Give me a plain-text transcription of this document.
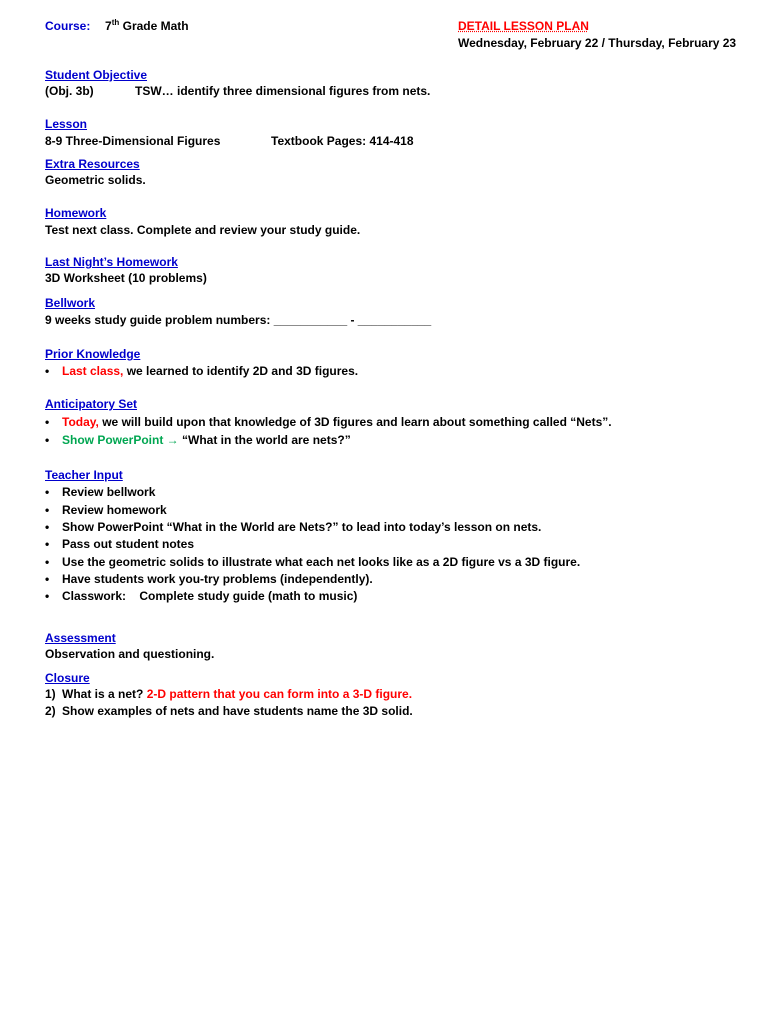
Course: 7th Grade Math	DETAIL LESSON PLAN
Wednesday, February 22 / Thursday, February 23
Student Objective
(Obj. 3b)	TSW… identify three dimensional figures from nets.
Lesson
8-9 Three-Dimensional Figures	Textbook Pages: 414-418
Extra Resources
Geometric solids.
Homework
Test next class. Complete and review your study guide.
Last Night’s Homework
3D Worksheet (10 problems)
Bellwork
9 weeks study guide problem numbers: ___________ - ___________
Prior Knowledge
•	Last class, we learned to identify 2D and 3D figures.
Anticipatory Set
•	Today, we will build upon that knowledge of 3D figures and learn about something called “Nets”.
•	Show PowerPoint → “What in the world are nets?”
Teacher Input
•	Review bellwork
•	Review homework
•	Show PowerPoint “What in the World are Nets?” to lead into today’s lesson on nets.
•	Pass out student notes
•	Use the geometric solids to illustrate what each net looks like as a 2D figure vs a 3D figure.
•	Have students work you-try problems (independently).
•	Classwork:    Complete study guide (math to music)
Assessment
Observation and questioning.
Closure
1) What is a net? 2-D pattern that you can form into a 3-D figure.
2) Show examples of nets and have students name the 3D solid.
